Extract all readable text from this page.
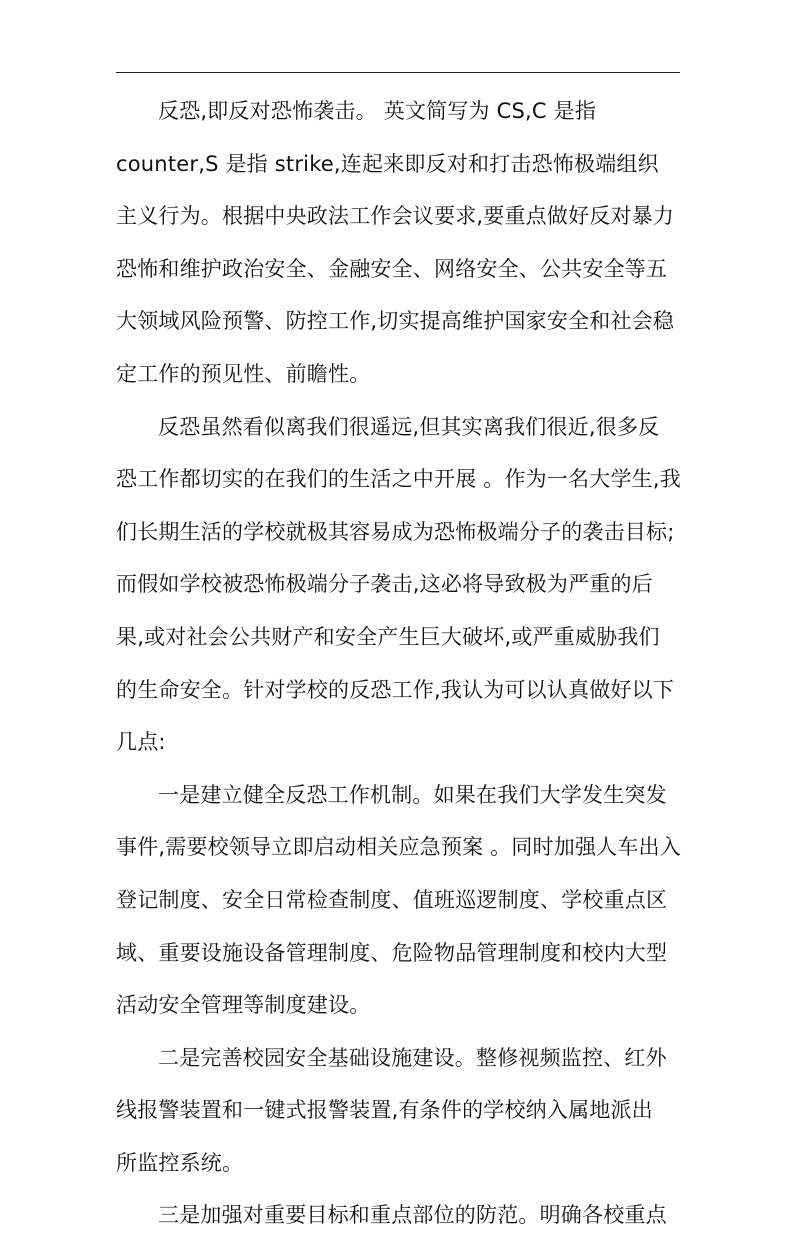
反恐,即反对恐怖袭击。 英文简写为 CS,C 是指
counter,S 是指 strike,连起来即反对和打击恐怖极端组织
主义行为。根据中央政法工作会议要求,要重点做好反对暴力
恐怖和维护政治安全、金融安全、网络安全、公共安全等五
大领域风险预警、防控工作,切实提高维护国家安全和社会稳
定工作的预见性、前瞻性。
反恐虽然看似离我们很遥远,但其实离我们很近,很多反
恐工作都切实的在我们的生活之中开展 。作为一名大学生,我
们长期生活的学校就极其容易成为恐怖极端分子的袭击目标;
而假如学校被恐怖极端分子袭击,这必将导致极为严重的后
果,或对社会公共财产和安全产生巨大破坏,或严重威胁我们
的生命安全。针对学校的反恐工作,我认为可以认真做好以下
几点:
一是建立健全反恐工作机制。如果在我们大学发生突发
事件,需要校领导立即启动相关应急预案 。同时加强人车出入
登记制度、安全日常检查制度、值班巡逻制度、学校重点区
域、重要设施设备管理制度、危险物品管理制度和校内大型
活动安全管理等制度建设。
二是完善校园安全基础设施建设。整修视频监控、红外
线报警装置和一键式报警装置,有条件的学校纳入属地派出
所监控系统。
三是加强对重要目标和重点部位的防范。明确各校重点
